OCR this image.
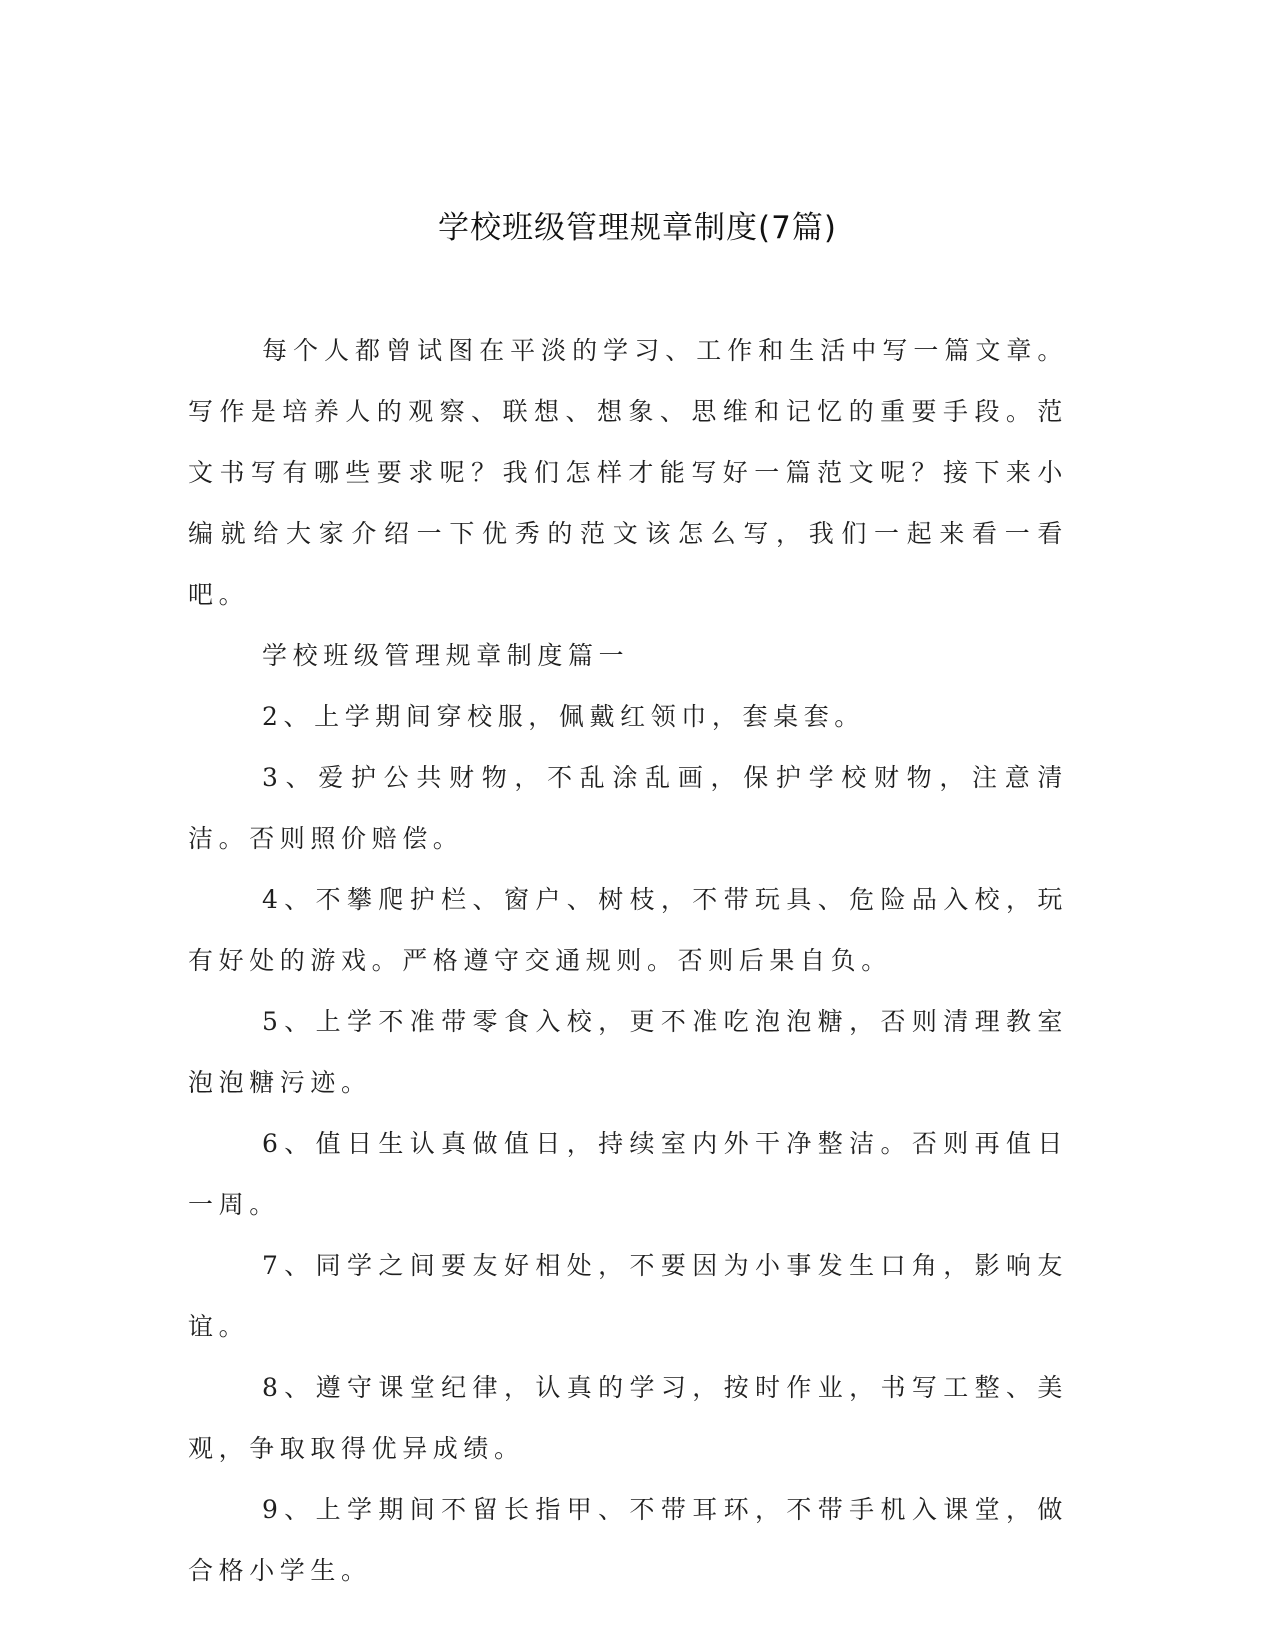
学校班级管理规章制度(7篇)

每个人都曾试图在平淡的学习、工作和生活中写一篇文章。写作是培养人的观察、联想、想象、思维和记忆的重要手段。范文书写有哪些要求呢？我们怎样才能写好一篇范文呢？接下来小编就给大家介绍一下优秀的范文该怎么写，我们一起来看一看吧。

学校班级管理规章制度篇一

2、上学期间穿校服，佩戴红领巾，套桌套。

3、爱护公共财物，不乱涂乱画，保护学校财物，注意清洁。否则照价赔偿。

4、不攀爬护栏、窗户、树枝，不带玩具、危险品入校，玩有好处的游戏。严格遵守交通规则。否则后果自负。

5、上学不准带零食入校，更不准吃泡泡糖，否则清理教室泡泡糖污迹。

6、值日生认真做值日，持续室内外干净整洁。否则再值日一周。

7、同学之间要友好相处，不要因为小事发生口角，影响友谊。

8、遵守课堂纪律，认真的学习，按时作业，书写工整、美观，争取取得优异成绩。

9、上学期间不留长指甲、不带耳环，不带手机入课堂，做合格小学生。
